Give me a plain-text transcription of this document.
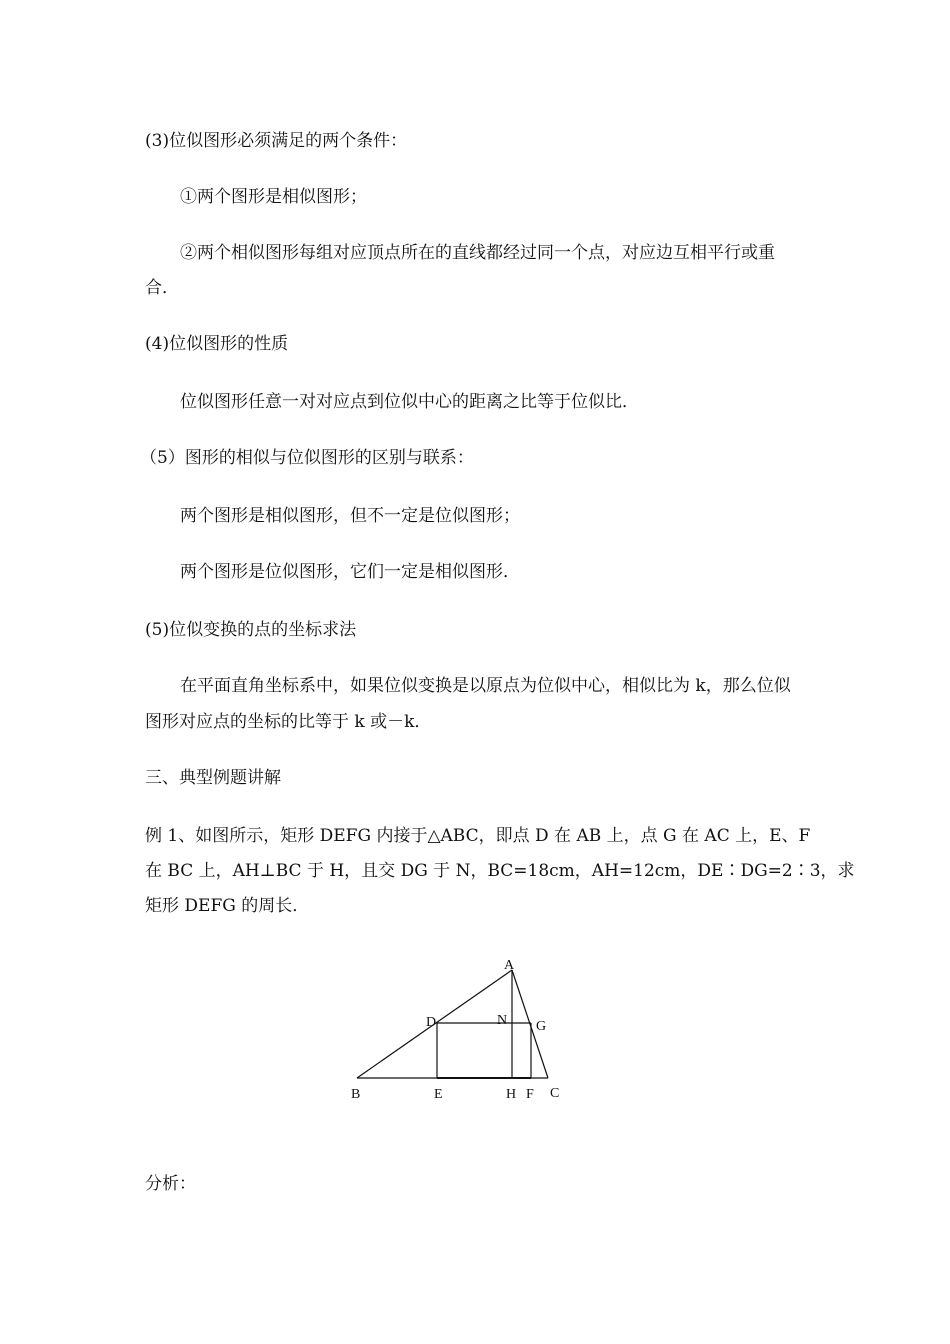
(3)位似图形必须满足的两个条件：
①两个图形是相似图形；
②两个相似图形每组对应顶点所在的直线都经过同一个点，对应边互相平行或重
合．
(4)位似图形的性质
位似图形任意一对对应点到位似中心的距离之比等于位似比．
（5）图形的相似与位似图形的区别与联系：
两个图形是相似图形，但不一定是位似图形；
两个图形是位似图形，它们一定是相似图形．
(5)位似变换的点的坐标求法
在平面直角坐标系中，如果位似变换是以原点为位似中心，相似比为 k，那么位似
图形对应点的坐标的比等于 k 或－k．
三、典型例题讲解
例 1、如图所示，矩形 DEFG 内接于△ABC，即点 D 在 AB 上，点 G 在 AC 上，E、F
在 BC 上，AH⊥BC 于 H，且交 DG 于 N，BC=18cm，AH=12cm，DE∶DG=2∶3，求
矩形 DEFG 的周长．
A
D	N G
B	E	H F C
分析：
